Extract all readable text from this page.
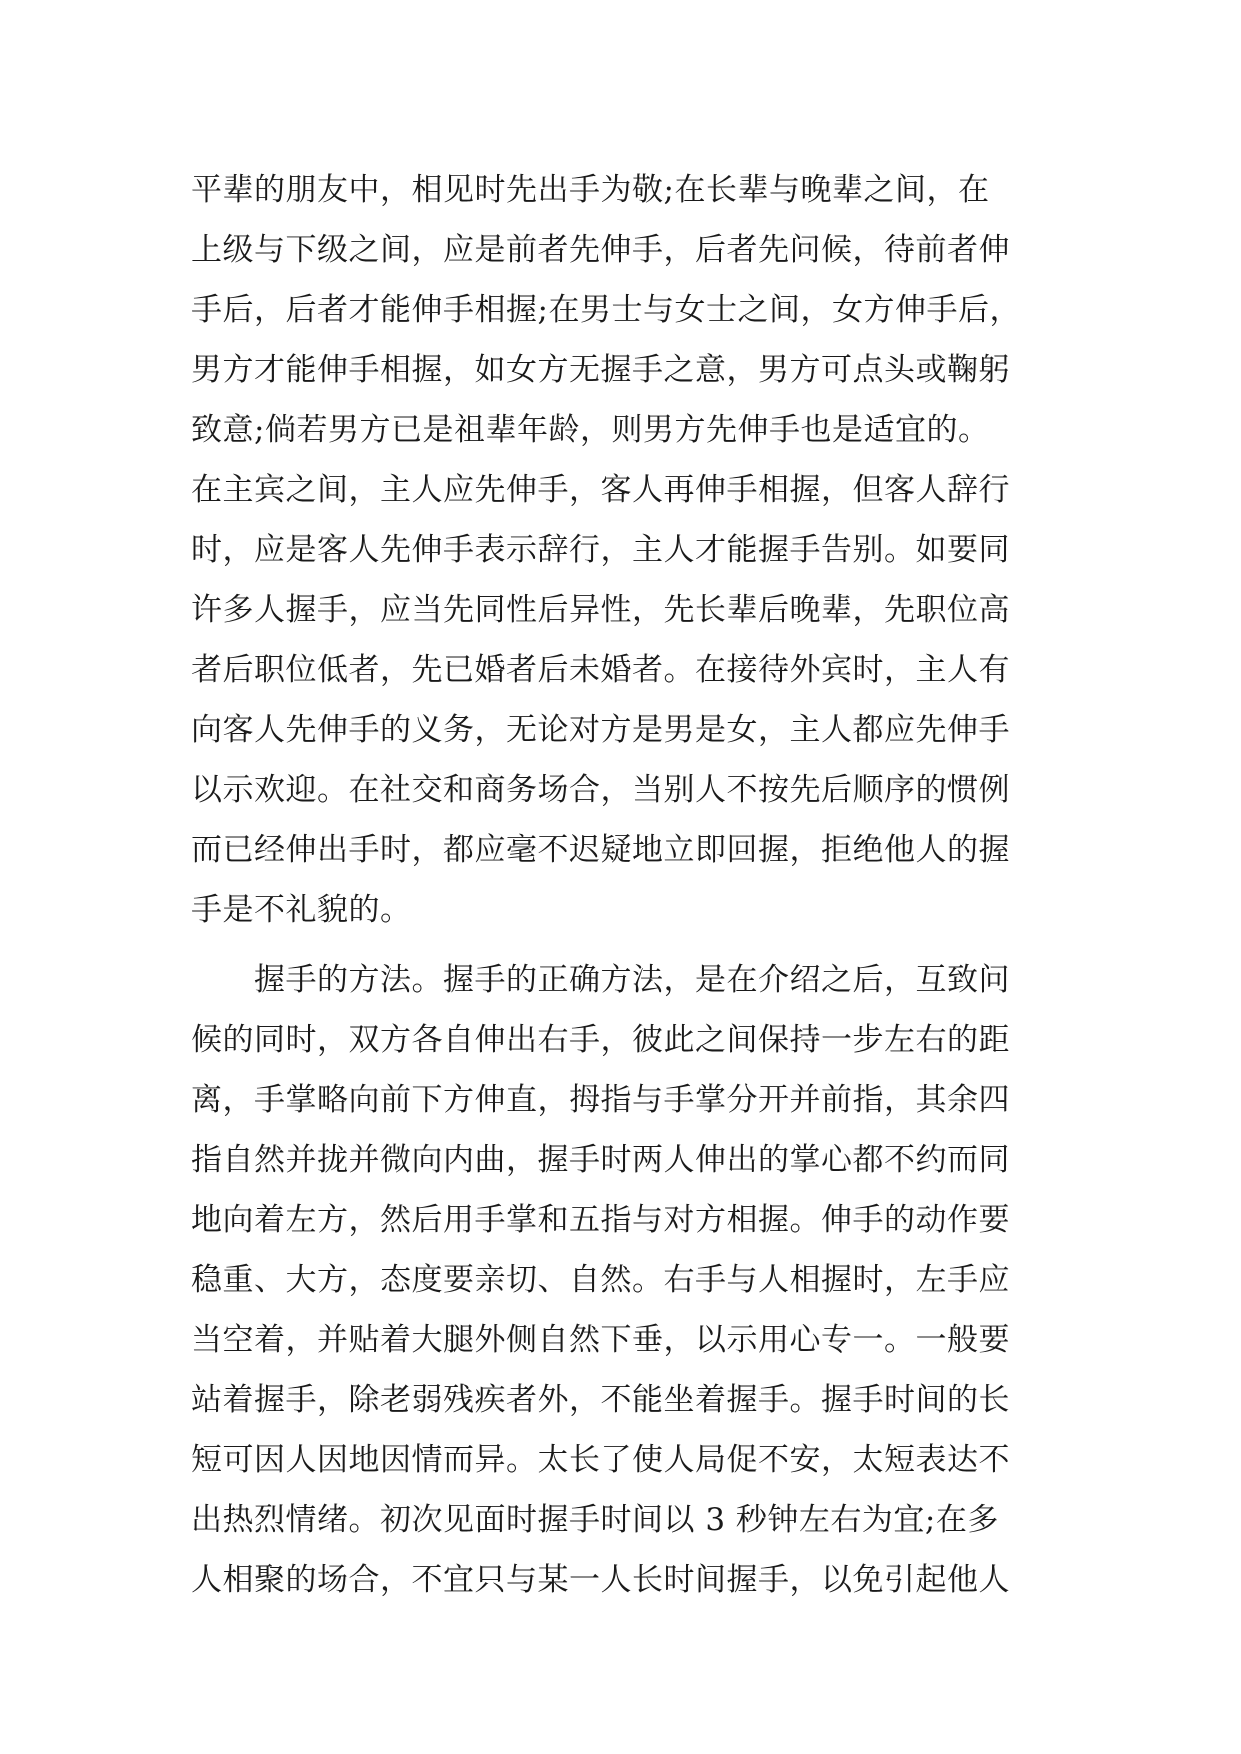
平辈的朋友中，相见时先出手为敬;在长辈与晚辈之间，在
上级与下级之间，应是前者先伸手，后者先问候，待前者伸
手后，后者才能伸手相握;在男士与女士之间，女方伸手后，
男方才能伸手相握，如女方无握手之意，男方可点头或鞠躬
致意;倘若男方已是祖辈年龄，则男方先伸手也是适宜的。
在主宾之间，主人应先伸手，客人再伸手相握，但客人辞行
时，应是客人先伸手表示辞行，主人才能握手告别。如要同
许多人握手，应当先同性后异性，先长辈后晚辈，先职位高
者后职位低者，先已婚者后未婚者。在接待外宾时，主人有
向客人先伸手的义务，无论对方是男是女，主人都应先伸手
以示欢迎。在社交和商务场合，当别人不按先后顺序的惯例
而已经伸出手时，都应毫不迟疑地立即回握，拒绝他人的握
手是不礼貌的。
握手的方法。握手的正确方法，是在介绍之后，互致问
候的同时，双方各自伸出右手，彼此之间保持一步左右的距
离，手掌略向前下方伸直，拇指与手掌分开并前指，其余四
指自然并拢并微向内曲，握手时两人伸出的掌心都不约而同
地向着左方，然后用手掌和五指与对方相握。伸手的动作要
稳重、大方，态度要亲切、自然。右手与人相握时，左手应
当空着，并贴着大腿外侧自然下垂，以示用心专一。一般要
站着握手，除老弱残疾者外，不能坐着握手。握手时间的长
短可因人因地因情而异。太长了使人局促不安，太短表达不
出热烈情绪。初次见面时握手时间以 3 秒钟左右为宜;在多
人相聚的场合，不宜只与某一人长时间握手，以免引起他人
